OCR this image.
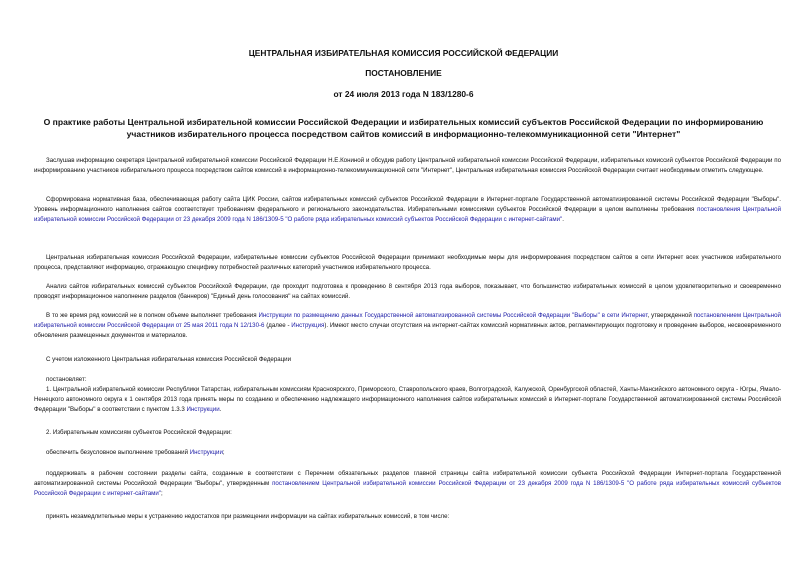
ЦЕНТРАЛЬНАЯ ИЗБИРАТЕЛЬНАЯ КОМИССИЯ РОССИЙСКОЙ ФЕДЕРАЦИИ
ПОСТАНОВЛЕНИЕ
от 24 июля 2013 года N 183/1280-6
О практике работы Центральной избирательной комиссии Российской Федерации и избирательных комиссий субъектов Российской Федерации по информированию участников избирательного процесса посредством сайтов комиссий в информационно-телекоммуникационной сети "Интернет"
Заслушав информацию секретаря Центральной избирательной комиссии Российской Федерации Н.Е.Кониной и обсудив работу Центральной избирательной комиссии Российской Федерации, избирательных комиссий субъектов Российской Федерации по информированию участников избирательного процесса посредством сайтов комиссий в информационно-телекоммуникационной сети "Интернет", Центральная избирательная комиссия Российской Федерации считает необходимым отметить следующее.
Сформирована нормативная база, обеспечивающая работу сайта ЦИК России, сайтов избирательных комиссий субъектов Российской Федерации в Интернет-портале Государственной автоматизированной системы Российской Федерации "Выборы". Уровень информационного наполнения сайтов соответствует требованиям федерального и регионального законодательства. Избирательными комиссиями субъектов Российской Федерации в целом выполнены требования постановления Центральной избирательной комиссии Российской Федерации от 23 декабря 2009 года N 186/1309-5 "О работе ряда избирательных комиссий субъектов Российской Федерации с интернет-сайтами".
Центральная избирательная комиссия Российской Федерации, избирательные комиссии субъектов Российской Федерации принимают необходимые меры для информирования посредством сайтов в сети Интернет всех участников избирательного процесса, представляют информацию, отражающую специфику потребностей различных категорий участников избирательного процесса.
Анализ сайтов избирательных комиссий субъектов Российской Федерации, где проходит подготовка к проведению 8 сентября 2013 года выборов, показывает, что большинство избирательных комиссий в целом удовлетворительно и своевременно проводят информационное наполнение разделов (баннеров) "Единый день голосования" на сайтах комиссий.
В то же время ряд комиссий не в полном объеме выполняет требования Инструкции по размещению данных Государственной автоматизированной системы Российской Федерации "Выборы" в сети Интернет, утвержденной постановлением Центральной избирательной комиссии Российской Федерации от 25 мая 2011 года N 12/130-6 (далее - Инструкция). Имеют место случаи отсутствия на интернет-сайтах комиссий нормативных актов, регламентирующих подготовку и проведение выборов, несвоевременного обновления размещенных документов и материалов.
С учетом изложенного Центральная избирательная комиссия Российской Федерации
постановляет:
1. Центральной избирательной комиссии Республики Татарстан, избирательным комиссиям Красноярского, Приморского, Ставропольского краев, Волгоградской, Калужской, Оренбургской областей, Ханты-Мансийского автономного округа - Югры, Ямало-Ненецкого автономного округа к 1 сентября 2013 года принять меры по созданию и обеспечению надлежащего информационного наполнения сайтов избирательных комиссий в Интернет-портале Государственной автоматизированной системы Российской Федерации "Выборы" в соответствии с пунктом 1.3.3 Инструкции.
2. Избирательным комиссиям субъектов Российской Федерации:
обеспечить безусловное выполнение требований Инструкции;
поддерживать в рабочем состоянии разделы сайта, созданные в соответствии с Перечнем обязательных разделов главной страницы сайта избирательной комиссии субъекта Российской Федерации Интернет-портала Государственной автоматизированной системы Российской Федерации "Выборы", утвержденным постановлением Центральной избирательной комиссии Российской Федерации от 23 декабря 2009 года N 186/1309-5 "О работе ряда избирательных комиссий субъектов Российской Федерации с интернет-сайтами";
принять незамедлительные меры к устранению недостатков при размещении информации на сайтах избирательных комиссий, в том числе:
